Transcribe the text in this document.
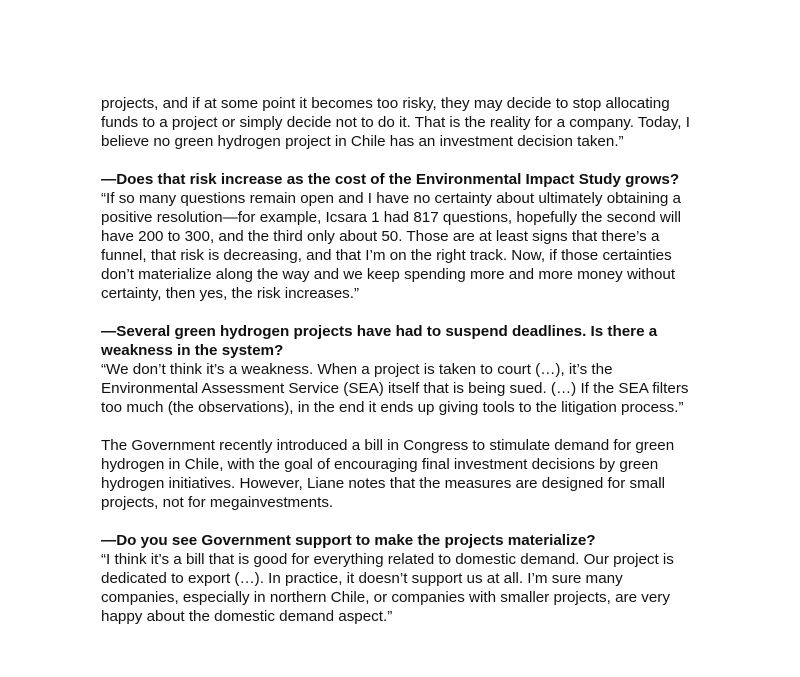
projects, and if at some point it becomes too risky, they may decide to stop allocating funds to a project or simply decide not to do it. That is the reality for a company. Today, I believe no green hydrogen project in Chile has an investment decision taken.”

—Does that risk increase as the cost of the Environmental Impact Study grows?

“If so many questions remain open and I have no certainty about ultimately obtaining a positive resolution—for example, Icsara 1 had 817 questions, hopefully the second will have 200 to 300, and the third only about 50. Those are at least signs that there’s a funnel, that risk is decreasing, and that I’m on the right track. Now, if those certainties don’t materialize along the way and we keep spending more and more money without certainty, then yes, the risk increases.”

—Several green hydrogen projects have had to suspend deadlines. Is there a weakness in the system?

“We don’t think it’s a weakness. When a project is taken to court (…), it’s the Environmental Assessment Service (SEA) itself that is being sued. (…) If the SEA filters too much (the observations), in the end it ends up giving tools to the litigation process.”

The Government recently introduced a bill in Congress to stimulate demand for green hydrogen in Chile, with the goal of encouraging final investment decisions by green hydrogen initiatives. However, Liane notes that the measures are designed for small projects, not for megainvestments.

—Do you see Government support to make the projects materialize?

“I think it’s a bill that is good for everything related to domestic demand. Our project is dedicated to export (…). In practice, it doesn’t support us at all. I’m sure many companies, especially in northern Chile, or companies with smaller projects, are very happy about the domestic demand aspect.”
